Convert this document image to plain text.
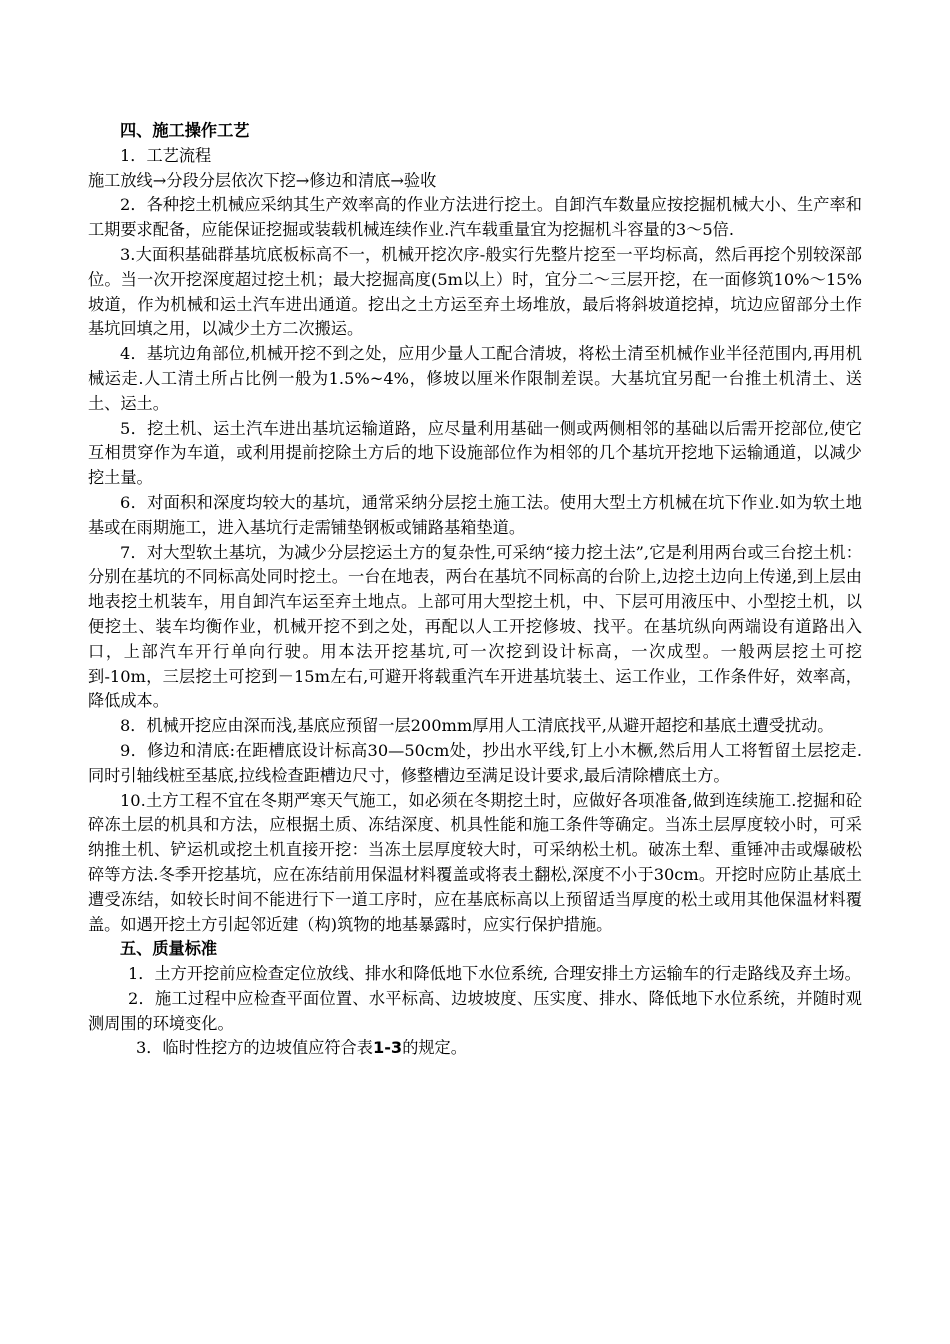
四、施工操作工艺

1．工艺流程

施工放线→分段分层依次下挖→修边和清底→验收

2．各种挖土机械应采纳其生产效率高的作业方法进行挖土。自卸汽车数量应按挖掘机械大小、生产率和工期要求配备，应能保证挖掘或装载机械连续作业.汽车载重量宜为挖掘机斗容量的3～5倍.

3.大面积基础群基坑底板标高不一，机械开挖次序-般实行先整片挖至一平均标高，然后再挖个别较深部位。当一次开挖深度超过挖土机；最大挖掘高度(5m以上）时，宜分二～三层开挖，在一面修筑10%～15%坡道，作为机械和运土汽车进出通道。挖出之土方运至弃土场堆放，最后将斜坡道挖掉，坑边应留部分土作基坑回填之用，以减少土方二次搬运。

4．基坑边角部位,机械开挖不到之处，应用少量人工配合清坡，将松土清至机械作业半径范围内,再用机械运走.人工清土所占比例一般为1.5%~4%，修坡以厘米作限制差误。大基坑宜另配一台推土机清土、送土、运土。

5．挖土机、运土汽车进出基坑运输道路，应尽量利用基础一侧或两侧相邻的基础以后需开挖部位,使它互相贯穿作为车道，或利用提前挖除土方后的地下设施部位作为相邻的几个基坑开挖地下运输通道，以减少挖土量。

6．对面积和深度均较大的基坑，通常采纳分层挖土施工法。使用大型土方机械在坑下作业.如为软土地基或在雨期施工，进入基坑行走需铺垫钢板或铺路基箱垫道。

7．对大型软土基坑，为减少分层挖运土方的复杂性,可采纳“接力挖土法”,它是利用两台或三台挖土机：分别在基坑的不同标高处同时挖土。一台在地表，两台在基坑不同标高的台阶上,边挖土边向上传递,到上层由地表挖土机装车，用自卸汽车运至弃土地点。上部可用大型挖土机，中、下层可用液压中、小型挖土机，以便挖土、装车均衡作业，机械开挖不到之处，再配以人工开挖修坡、找平。在基坑纵向两端设有道路出入口，上部汽车开行单向行驶。用本法开挖基坑,可一次挖到设计标高，一次成型。一般两层挖土可挖到-10m，三层挖土可挖到－15m左右,可避开将载重汽车开进基坑装土、运工作业，工作条件好，效率高，降低成本。

8．机械开挖应由深而浅,基底应预留一层200mm厚用人工清底找平,从避开超挖和基底土遭受扰动。

9．修边和清底:在距槽底设计标高30—50cm处，抄出水平线,钉上小木橛,然后用人工将暂留土层挖走.同时引轴线桩至基底,拉线检查距槽边尺寸，修整槽边至满足设计要求,最后清除槽底土方。

10.土方工程不宜在冬期严寒天气施工，如必须在冬期挖土时，应做好各项准备,做到连续施工.挖掘和砼碎冻土层的机具和方法，应根据土质、冻结深度、机具性能和施工条件等确定。当冻土层厚度较小时，可采纳推土机、铲运机或挖土机直接开挖：当冻土层厚度较大时，可采纳松土机。破冻土犁、重锤冲击或爆破松碎等方法.冬季开挖基坑，应在冻结前用保温材料覆盖或将表土翻松,深度不小于30cm。开挖时应防止基底土遭受冻结，如较长时间不能进行下一道工序时，应在基底标高以上预留适当厚度的松土或用其他保温材料覆盖。如遇开挖土方引起邻近建（构)筑物的地基暴露时，应实行保护措施。

五、质量标准

1．土方开挖前应检查定位放线、排水和降低地下水位系统, 合理安排土方运输车的行走路线及弃土场。

2．施工过程中应检查平面位置、水平标高、边坡坡度、压实度、排水、降低地下水位系统，并随时观测周围的环境变化。

3．临时性挖方的边坡值应符合表1-3的规定。
